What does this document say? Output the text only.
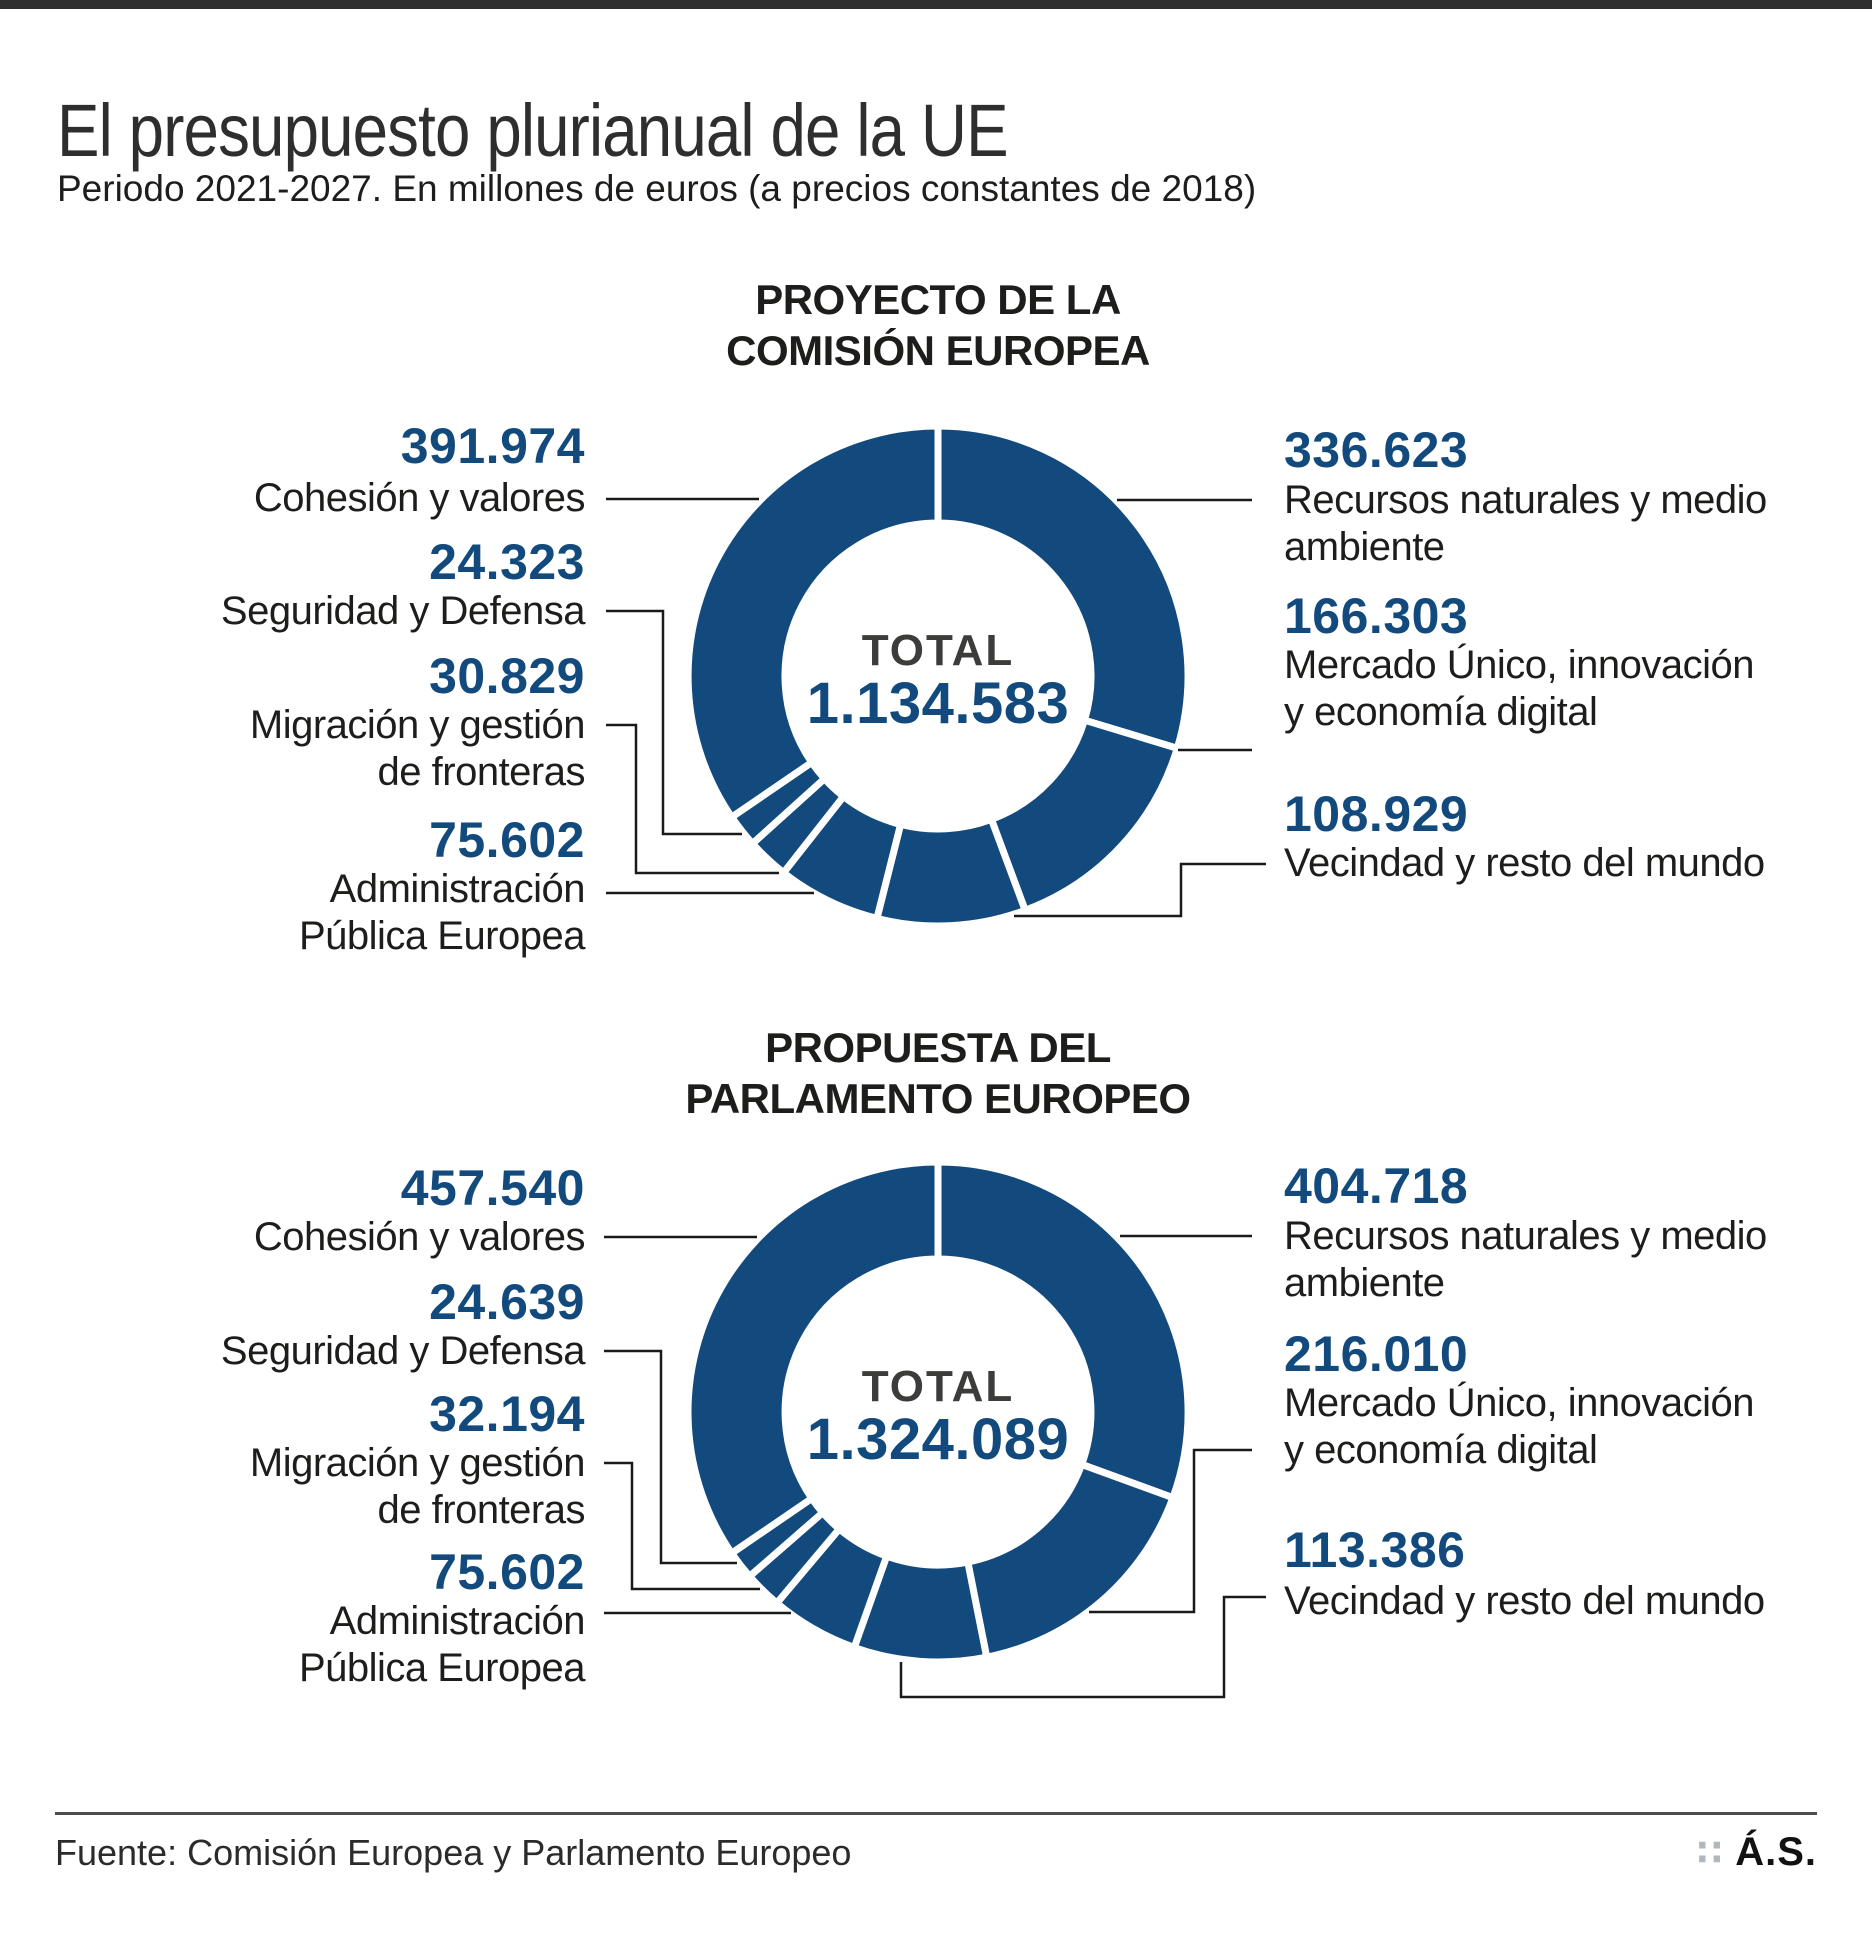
El presupuesto plurianual de la UE
Periodo 2021-2027. En millones de euros (a precios constantes de 2018)
PROYECTO DE LA
COMISIÓN EUROPEA
PROPUESTA DEL
PARLAMENTO EUROPEO
TOTAL
1.134.583
TOTAL
1.324.089
391.974
Cohesión y valores
24.323
Seguridad y Defensa
30.829
Migración y gestión
de fronteras
75.602
Administración
Pública Europea
336.623
Recursos naturales y medio
ambiente
166.303
Mercado Único, innovación
y economía digital
108.929
Vecindad y resto del mundo
457.540
Cohesión y valores
24.639
Seguridad y Defensa
32.194
Migración y gestión
de fronteras
75.602
Administración
Pública Europea
404.718
Recursos naturales y medio
ambiente
216.010
Mercado Único, innovación
y economía digital
113.386
Vecindad y resto del mundo
Fuente: Comisión Europea y Parlamento Europeo	∷ Á.S.
